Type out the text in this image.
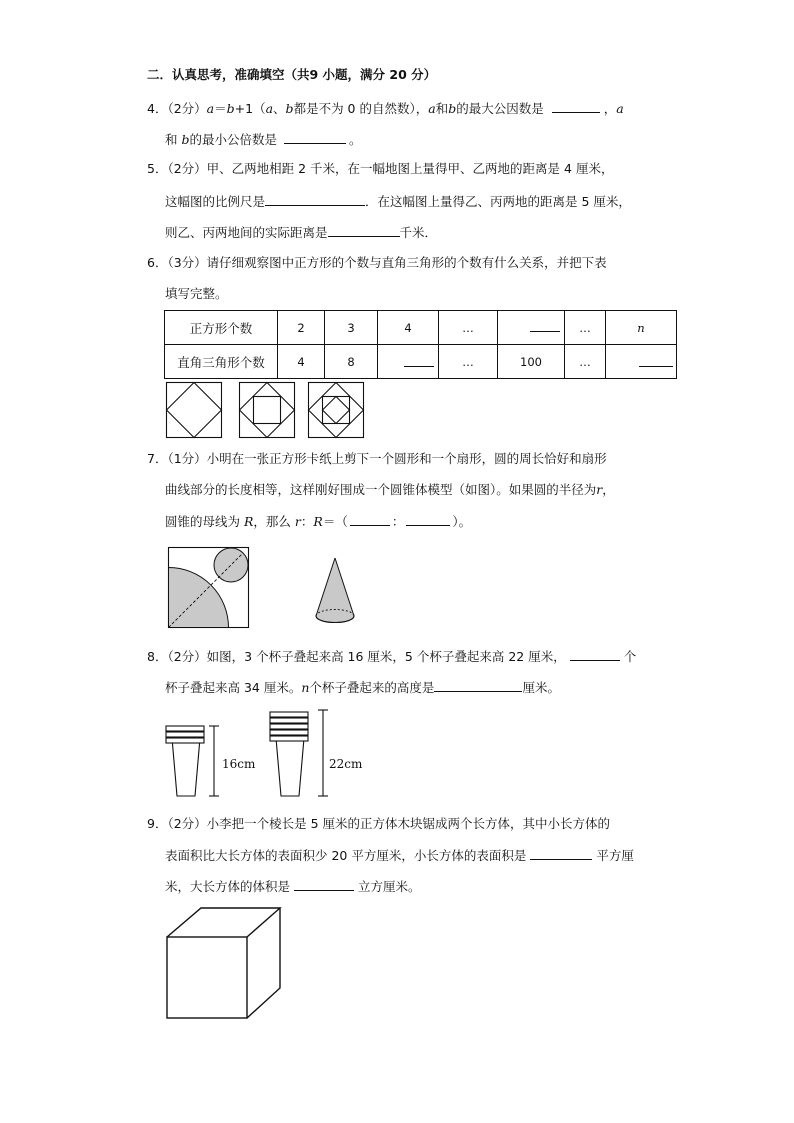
二．认真思考，准确填空（共9 小题，满分 20 分）
4．（2分）a＝b+1（a、b都是不为 0 的自然数），a和b的最大公因数是	，a
和 b的最小公倍数是	。
5．（2分）甲、乙两地相距 2 千米，在一幅地图上量得甲、乙两地的距离是 4 厘米，
这幅图的比例尺是	．在这幅图上量得乙、丙两地的距离是 5 厘米，
则乙、丙两地间的实际距离是	千米．
6．（3分）请仔细观察图中正方形的个数与直角三角形的个数有什么关系，并把下表
填写完整。
正方形个数	2	3	4	…		…	n
直角三角形个数	4	8		…	100	…	
7．（1分）小明在一张正方形卡纸上剪下一个圆形和一个扇形，圆的周长恰好和扇形
曲线部分的长度相等，这样刚好围成一个圆锥体模型（如图）。如果圆的半径为r，
圆锥的母线为 R，那么 r：R＝（	：	）。
8．（2分）如图，3 个杯子叠起来高 16 厘米，5 个杯子叠起来高 22 厘米，	个
杯子叠起来高 34 厘米。n个杯子叠起来的高度是	厘米。
16cm	22cm
9．（2分）小李把一个棱长是 5 厘米的正方体木块锯成两个长方体，其中小长方体的
表面积比大长方体的表面积少 20 平方厘米，小长方体的表面积是	平方厘
米，大长方体的体积是	立方厘米。
